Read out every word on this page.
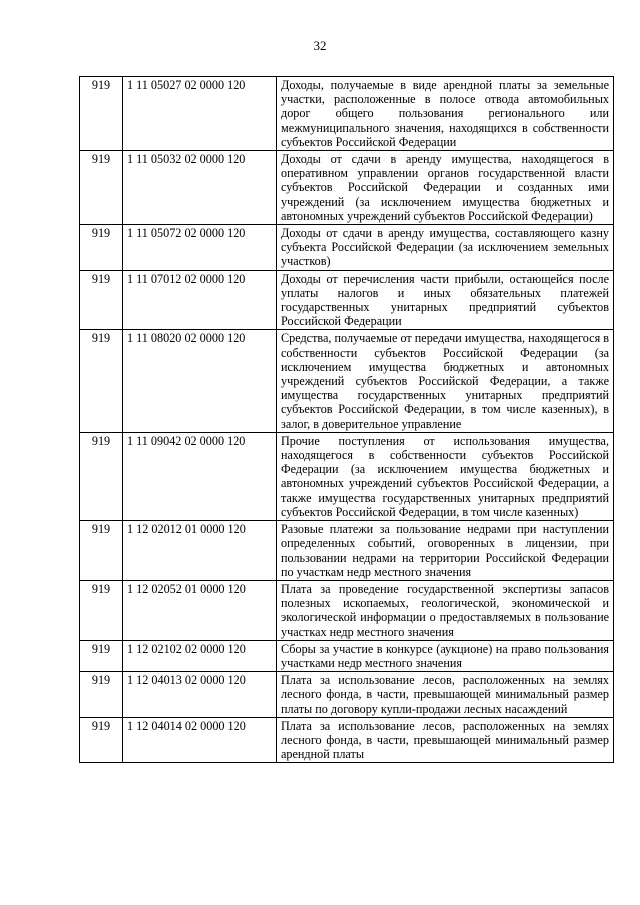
32
919	1 11 05027 02 0000 120	Доходы, получаемые в виде арендной платы за земельные участки, расположенные в полосе отвода автомобильных дорог общего пользования регионального или межмуниципального значения, находящихся в собственности субъектов Российской Федерации
919	1 11 05032 02 0000 120	Доходы от сдачи в аренду имущества, находящегося в оперативном управлении органов государственной власти субъектов Российской Федерации и созданных ими учреждений (за исключением имущества бюджетных и автономных учреждений субъектов Российской Федерации)
919	1 11 05072 02 0000 120	Доходы от сдачи в аренду имущества, составляющего казну субъекта Российской Федерации (за исключением земельных участков)
919	1 11 07012 02 0000 120	Доходы от перечисления части прибыли, остающейся после уплаты налогов и иных обязательных платежей государственных унитарных предприятий субъектов Российской Федерации
919	1 11 08020 02 0000 120	Средства, получаемые от передачи имущества, находящегося в собственности субъектов Российской Федерации (за исключением имущества бюджетных и автономных учреждений субъектов Российской Федерации, а также имущества государственных унитарных предприятий субъектов Российской Федерации, в том числе казенных), в залог, в доверительное управление
919	1 11 09042 02 0000 120	Прочие поступления от использования имущества, находящегося в собственности субъектов Российской Федерации (за исключением имущества бюджетных и автономных учреждений субъектов Российской Федерации, а также имущества государственных унитарных предприятий субъектов Российской Федерации, в том числе казенных)
919	1 12 02012 01 0000 120	Разовые платежи за пользование недрами при наступлении определенных событий, оговоренных в лицензии, при пользовании недрами на территории Российской Федерации по участкам недр местного значения
919	1 12 02052 01 0000 120	Плата за проведение государственной экспертизы запасов полезных ископаемых, геологической, экономической и экологической информации о предоставляемых в пользование участках недр местного значения
919	1 12 02102 02 0000 120	Сборы за участие в конкурсе (аукционе) на право пользования участками недр местного значения
919	1 12 04013 02 0000 120	Плата за использование лесов, расположенных на землях лесного фонда, в части, превышающей минимальный размер платы по договору купли-продажи лесных насаждений
919	1 12 04014 02 0000 120	Плата за использование лесов, расположенных на землях лесного фонда, в части, превышающей минимальный размер арендной платы
